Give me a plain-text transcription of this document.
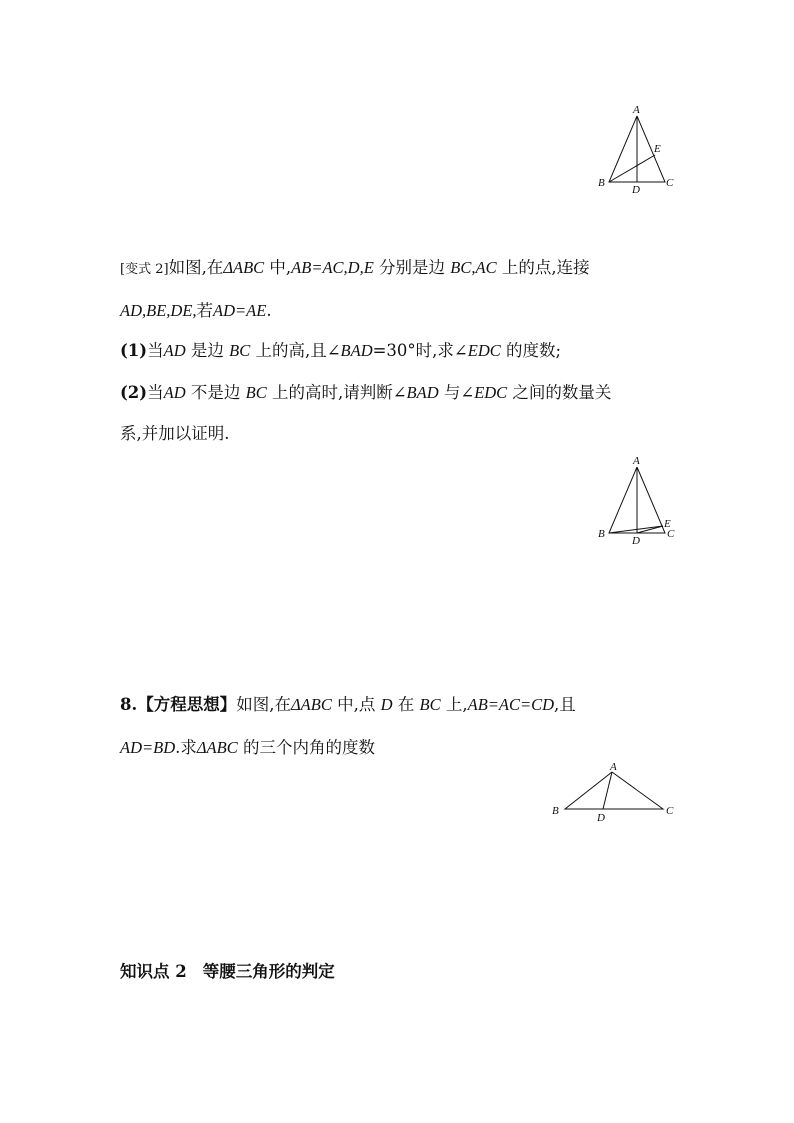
A
E
B	C
D
[变式 2]如图,在ΔABC 中,AB=AC,D,E 分别是边 BC,AC 上的点,连接
AD,BE,DE,若AD=AE.
(1)当AD 是边 BC 上的高,且∠BAD=30°时,求∠EDC 的度数;
(2)当AD 不是边 BC 上的高时,请判断∠BAD 与∠EDC 之间的数量关
系,并加以证明.
A
E
B	C
D
8.【方程思想】如图,在ΔABC 中,点 D 在 BC 上,AB=AC=CD,且
AD=BD.求ΔABC 的三个内角的度数
A
B	C
D
知识点 2 等腰三角形的判定
